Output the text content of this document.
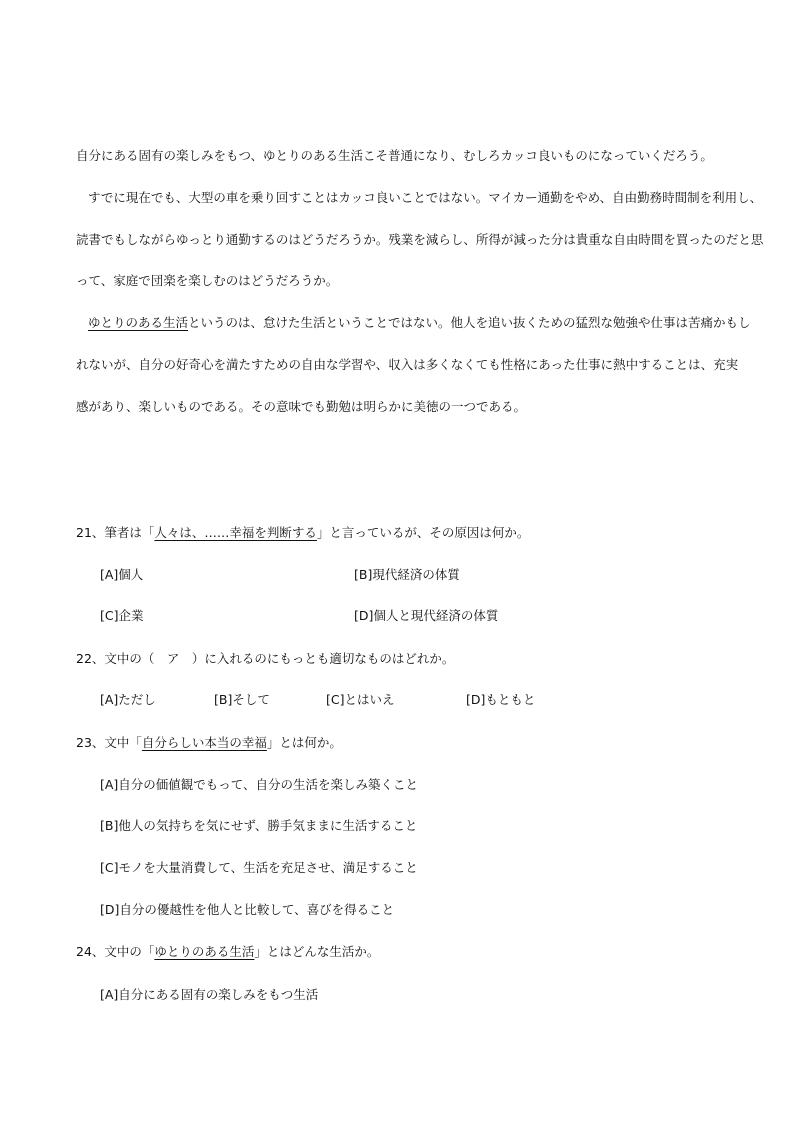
自分にある固有の楽しみをもつ、ゆとりのある生活こそ普通になり、むしろカッコ良いものになっていくだろう。
すでに現在でも、大型の車を乗り回すことはカッコ良いことではない。マイカー通勤をやめ、自由勤務時間制を利用し、
読書でもしながらゆっとり通勤するのはどうだろうか。残業を減らし、所得が減った分は貴重な自由時間を買ったのだと思
って、家庭で団楽を楽しむのはどうだろうか。
ゆとりのある生活というのは、怠けた生活ということではない。他人を追い抜くための猛烈な勉強や仕事は苦痛かもし
れないが、自分の好奇心を満たすための自由な学習や、収入は多くなくても性格にあった仕事に熱中することは、充実
感があり、楽しいものである。その意味でも勤勉は明らかに美徳の一つである。
21、筆者は「人々は、……幸福を判断する」と言っているが、その原因は何か。
[A]個人	[B]現代経済の体質
[C]企業	[D]個人と現代経済の体質
22、文中の（　ア　）に入れるのにもっとも適切なものはどれか。
[A]ただし	[B]そして	[C]とはいえ	[D]もともと
23、文中「自分らしい本当の幸福」とは何か。
[A]自分の価値観でもって、自分の生活を楽しみ築くこと
[B]他人の気持ちを気にせず、勝手気ままに生活すること
[C]モノを大量消費して、生活を充足させ、満足すること
[D]自分の優越性を他人と比較して、喜びを得ること
24、文中の「ゆとりのある生活」とはどんな生活か。
[A]自分にある固有の楽しみをもつ生活
